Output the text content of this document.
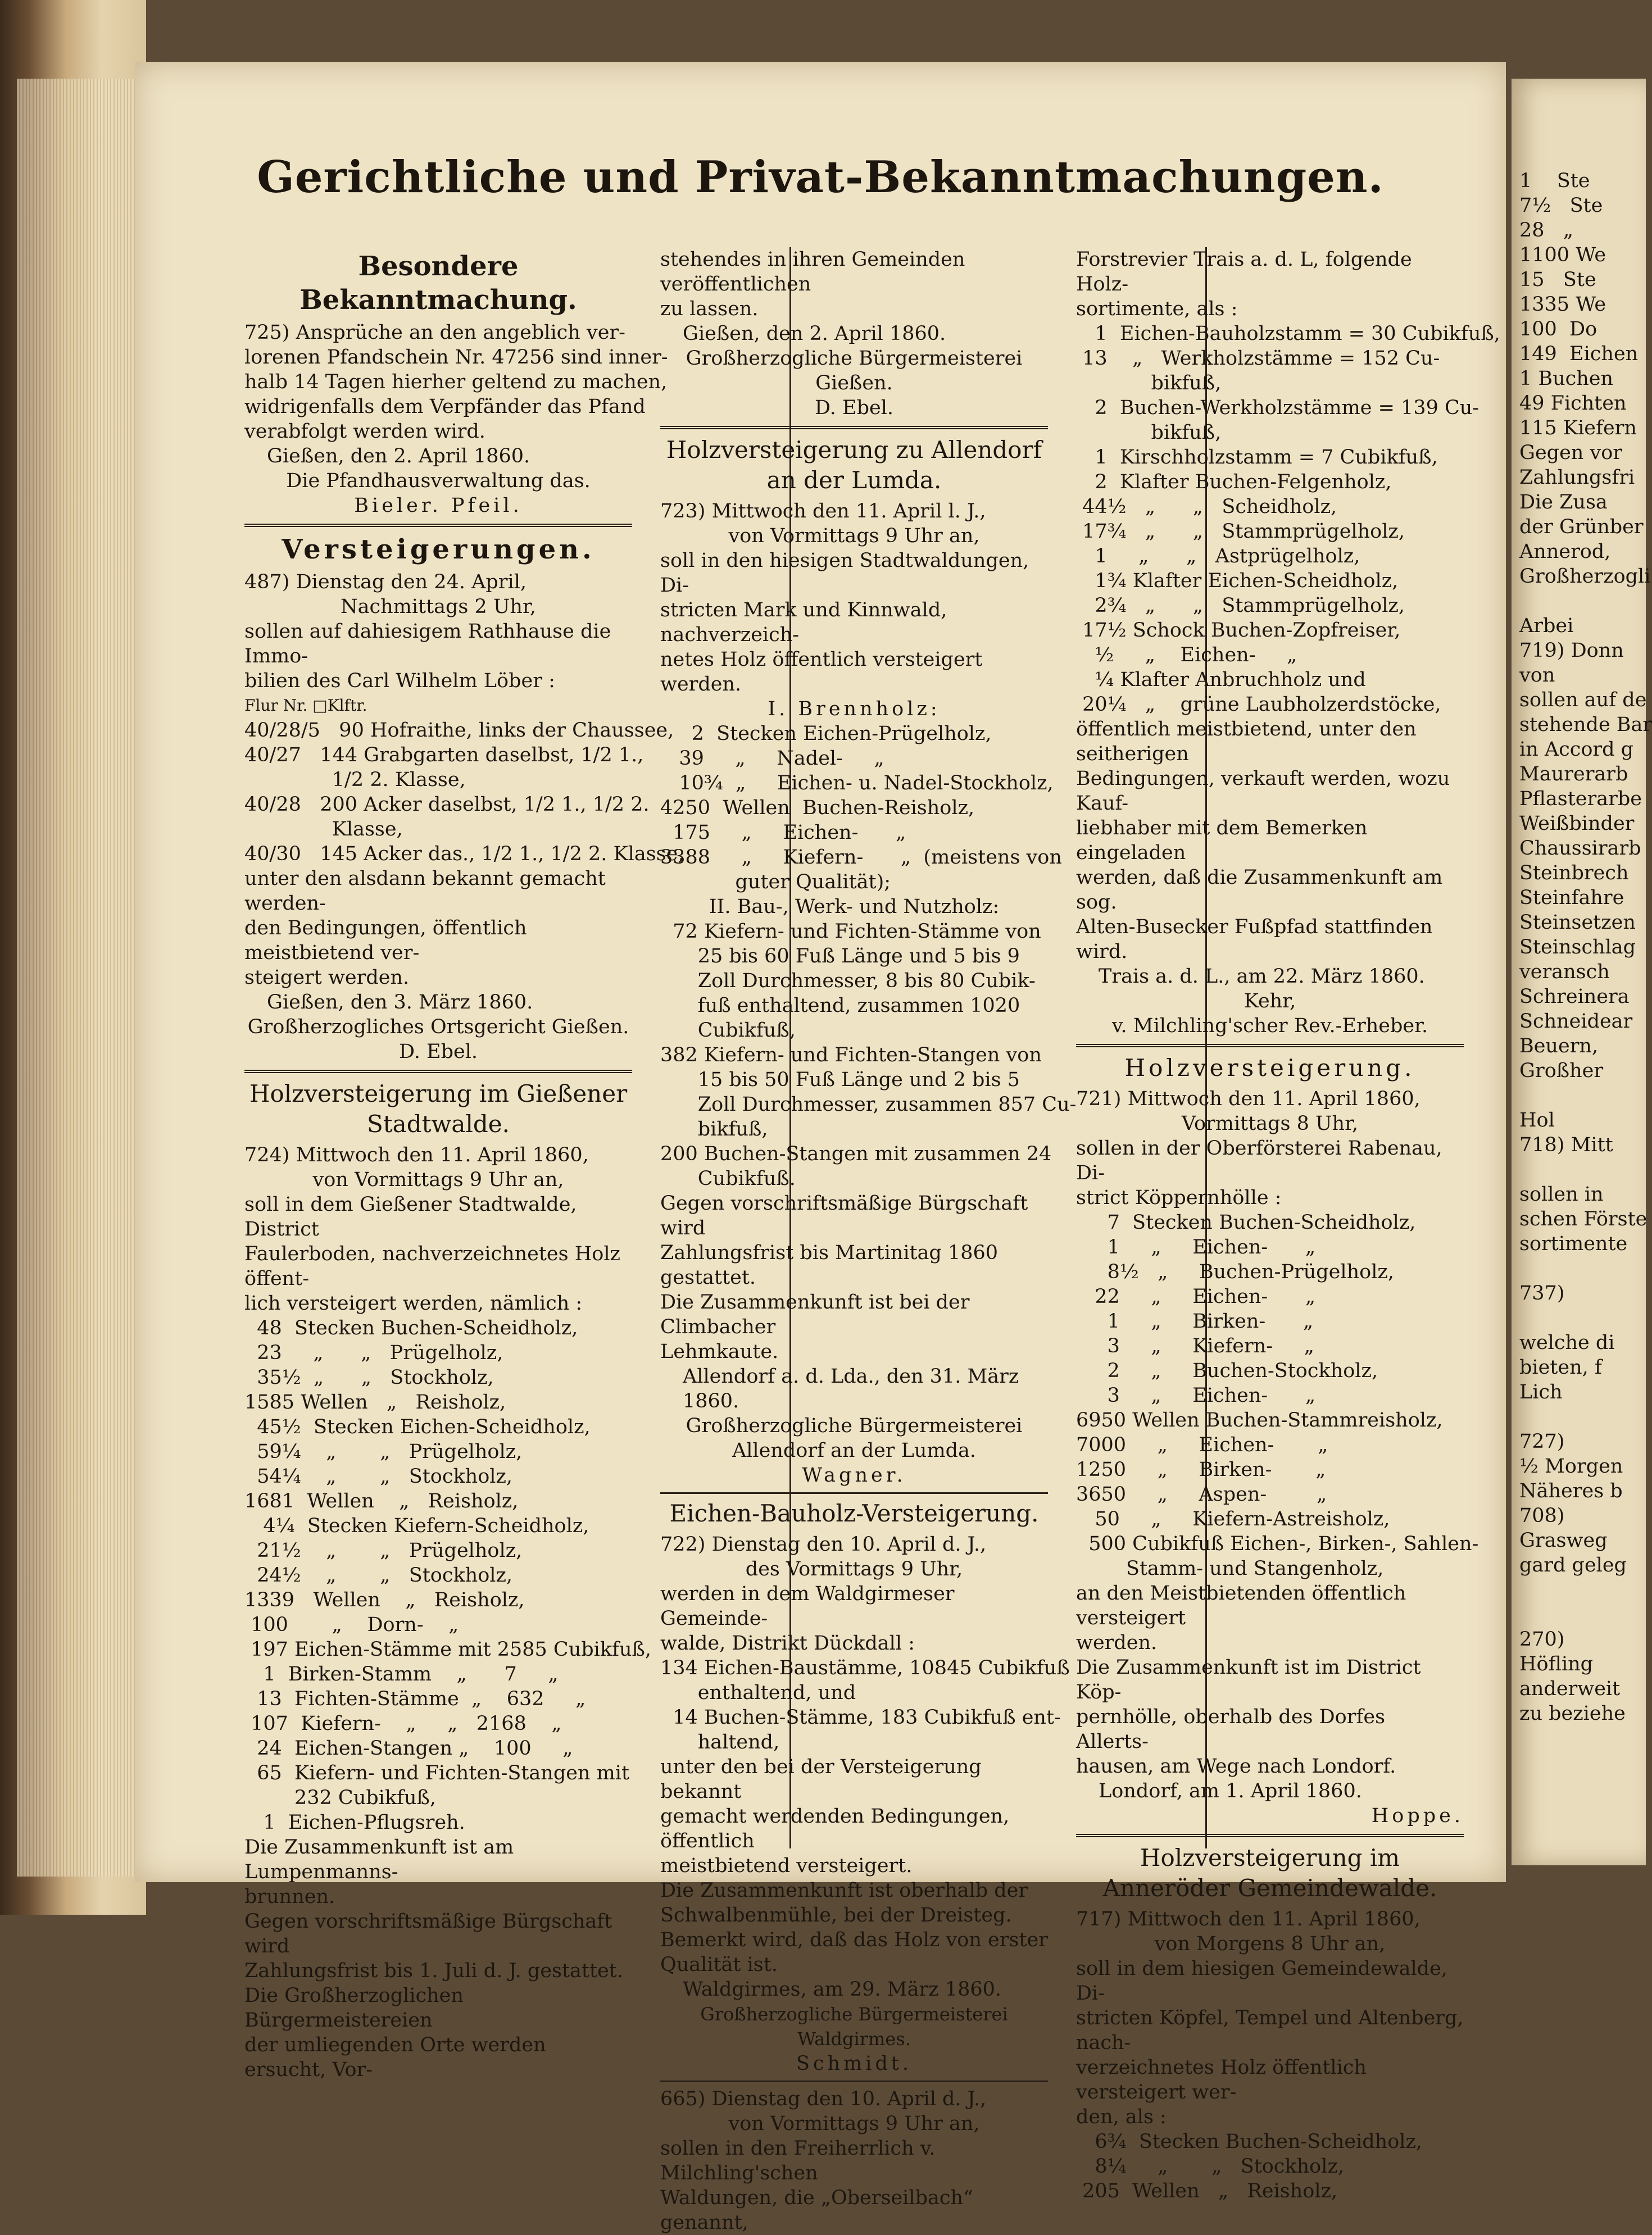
1    Ste

7½   Ste

28   „

1100 We

15   Ste

1335 We

100  Do

149  Eichen

1 Buchen

49 Fichten

115 Kiefern

Gegen vor

Zahlungsfri

Die Zusa

der Grünber

Annerod,

Großherzogli

Arbei

719) Donn

von

sollen auf de

stehende Bar

in Accord g

Maurerarb

Pflasterarbe

Weißbinder

Chaussirarb

Steinbrech

Steinfahre

Steinsetzen

Steinschlag

veransch

Schreinera

Schneidear

Beuern,

Großher

Hol

718) Mitt

sollen in

schen Förste

sortimente

737)

welche di

bieten, f

Lich

727)

½ Morgen

Näheres b

708)

Grasweg

gard geleg

270)

Höfling

anderweit

zu beziehe

Gerichtliche und Privat-Bekanntmachungen.

Besondere Bekanntmachung.

725) Ansprüche an den angeblich ver-

lorenen Pfandschein Nr. 47256 sind inner-

halb 14 Tagen hierher geltend zu machen,

widrigenfalls dem Verpfänder das Pfand

verabfolgt werden wird.

Gießen, den 2. April 1860.

Die Pfandhausverwaltung das.

Bieler. Pfeil.

Versteigerungen.

487) Dienstag den 24. April,

Nachmittags 2 Uhr,

sollen auf dahiesigem Rathhause die Immo-

bilien des Carl Wilhelm Löber :

Flur Nr. □Klftr.

40/28/5   90 Hofraithe, links der Chaussee,

40/27   144 Grabgarten daselbst, 1/2 1.,

1/2 2. Klasse,

40/28   200 Acker daselbst, 1/2 1., 1/2 2.

Klasse,

40/30   145 Acker das., 1/2 1., 1/2 2. Klasse,

unter den alsdann bekannt gemacht werden-

den Bedingungen, öffentlich meistbietend ver-

steigert werden.

Gießen, den 3. März 1860.

Großherzogliches Ortsgericht Gießen.

D. Ebel.

Holzversteigerung im Gießener Stadtwalde.

724) Mittwoch den 11. April 1860,

von Vormittags 9 Uhr an,

soll in dem Gießener Stadtwalde, District

Faulerboden, nachverzeichnetes Holz öffent-

lich versteigert werden, nämlich :

48  Stecken Buchen-Scheidholz,

23     „      „   Prügelholz,

35½  „      „   Stockholz,

1585 Wellen   „   Reisholz,

45½  Stecken Eichen-Scheidholz,

59¼    „       „   Prügelholz,

54¼    „       „   Stockholz,

1681  Wellen    „   Reisholz,

4¼  Stecken Kiefern-Scheidholz,

21½    „       „   Prügelholz,

24½    „       „   Stockholz,

1339   Wellen    „   Reisholz,

100       „    Dorn-    „

197 Eichen-Stämme mit 2585 Cubikfuß,

1  Birken-Stamm    „      7     „

13  Fichten-Stämme  „    632     „

107  Kiefern-    „     „   2168    „

24  Eichen-Stangen „    100     „

65  Kiefern- und Fichten-Stangen mit

232 Cubikfuß,

1  Eichen-Pflugsreh.

Die Zusammenkunft ist am Lumpenmanns-

brunnen.

Gegen vorschriftsmäßige Bürgschaft wird

Zahlungsfrist bis 1. Juli d. J. gestattet.

Die Großherzoglichen Bürgermeistereien

der umliegenden Orte werden ersucht, Vor-

stehendes in ihren Gemeinden veröffentlichen

zu lassen.

Gießen, den 2. April 1860.

Großherzogliche Bürgermeisterei Gießen.

D. Ebel.

Holzversteigerung zu Allendorf an der Lumda.

723) Mittwoch den 11. April l. J.,

von Vormittags 9 Uhr an,

soll in den hiesigen Stadtwaldungen, Di-

stricten Mark und Kinnwald, nachverzeich-

netes Holz öffentlich versteigert werden.

I. Brennholz:

2  Stecken Eichen-Prügelholz,

39     „     Nadel-     „

10¾  „     Eichen- u. Nadel-Stockholz,

4250  Wellen  Buchen-Reisholz,

175     „     Eichen-      „

3388     „     Kiefern-      „  (meistens von

guter Qualität);

II. Bau-, Werk- und Nutzholz:

72 Kiefern- und Fichten-Stämme von

25 bis 60 Fuß Länge und 5 bis 9

Zoll Durchmesser, 8 bis 80 Cubik-

fuß enthaltend, zusammen 1020

Cubikfuß,

382 Kiefern- und Fichten-Stangen von

15 bis 50 Fuß Länge und 2 bis 5

Zoll Durchmesser, zusammen 857 Cu-

bikfuß,

200 Buchen-Stangen mit zusammen 24

Cubikfuß.

Gegen vorschriftsmäßige Bürgschaft wird

Zahlungsfrist bis Martinitag 1860 gestattet.

Die Zusammenkunft ist bei der Climbacher

Lehmkaute.

Allendorf a. d. Lda., den 31. März 1860.

Großherzogliche Bürgermeisterei

Allendorf an der Lumda.

Wagner.

Eichen-Bauholz-Versteigerung.

722) Dienstag den 10. April d. J.,

des Vormittags 9 Uhr,

werden in dem Waldgirmeser Gemeinde-

walde, Distrikt Dückdall :

134 Eichen-Baustämme, 10845 Cubikfuß

enthaltend, und

14 Buchen-Stämme, 183 Cubikfuß ent-

haltend,

unter den bei der Versteigerung bekannt

gemacht werdenden Bedingungen, öffentlich

meistbietend versteigert.

Die Zusammenkunft ist oberhalb der

Schwalbenmühle, bei der Dreisteg.

Bemerkt wird, daß das Holz von erster

Qualität ist.

Waldgirmes, am 29. März 1860.

Großherzogliche Bürgermeisterei Waldgirmes.

Schmidt.

665) Dienstag den 10. April d. J.,

von Vormittags 9 Uhr an,

sollen in den Freiherrlich v. Milchling'schen

Waldungen, die „Oberseilbach“ genannt,

Forstrevier Trais a. d. L, folgende Holz-

sortimente, als :

1  Eichen-Bauholzstamm = 30 Cubikfuß,

13    „   Werkholzstämme = 152 Cu-

bikfuß,

2  Buchen-Werkholzstämme = 139 Cu-

bikfuß,

1  Kirschholzstamm = 7 Cubikfuß,

2  Klafter Buchen-Felgenholz,

44½   „      „   Scheidholz,

17¾   „      „   Stammprügelholz,

1     „      „   Astprügelholz,

1¾ Klafter Eichen-Scheidholz,

2¾   „      „   Stammprügelholz,

17½ Schock Buchen-Zopfreiser,

½     „    Eichen-     „

¼ Klafter Anbruchholz und

20¼   „    grüne Laubholzerdstöcke,

öffentlich meistbietend, unter den seitherigen

Bedingungen, verkauft werden, wozu Kauf-

liebhaber mit dem Bemerken eingeladen

werden, daß die Zusammenkunft am sog.

Alten-Busecker Fußpfad stattfinden wird.

Trais a. d. L., am 22. März 1860.

Kehr,

v. Milchling'scher Rev.-Erheber.

Holzversteigerung.

721) Mittwoch den 11. April 1860,

Vormittags 8 Uhr,

sollen in der Oberförsterei Rabenau, Di-

strict Köppernhölle :

7  Stecken Buchen-Scheidholz,

1     „     Eichen-      „

8½   „     Buchen-Prügelholz,

22     „     Eichen-      „

1     „     Birken-      „

3     „     Kiefern-     „

2     „     Buchen-Stockholz,

3     „     Eichen-      „

6950 Wellen Buchen-Stammreisholz,

7000     „     Eichen-       „

1250     „     Birken-       „

3650     „     Aspen-        „

50     „     Kiefern-Astreisholz,

500 Cubikfuß Eichen-, Birken-, Sahlen-

Stamm- und Stangenholz,

an den Meistbietenden öffentlich versteigert

werden.

Die Zusammenkunft ist im District Köp-

pernhölle, oberhalb des Dorfes Allerts-

hausen, am Wege nach Londorf.

Londorf, am 1. April 1860.

Hoppe.

Holzversteigerung im Anneröder Gemeindewalde.

717) Mittwoch den 11. April 1860,

von Morgens 8 Uhr an,

soll in dem hiesigen Gemeindewalde, Di-

stricten Köpfel, Tempel und Altenberg, nach-

verzeichnetes Holz öffentlich versteigert wer-

den, als :

6¾  Stecken Buchen-Scheidholz,

8¼     „       „   Stockholz,

205  Wellen   „   Reisholz,
